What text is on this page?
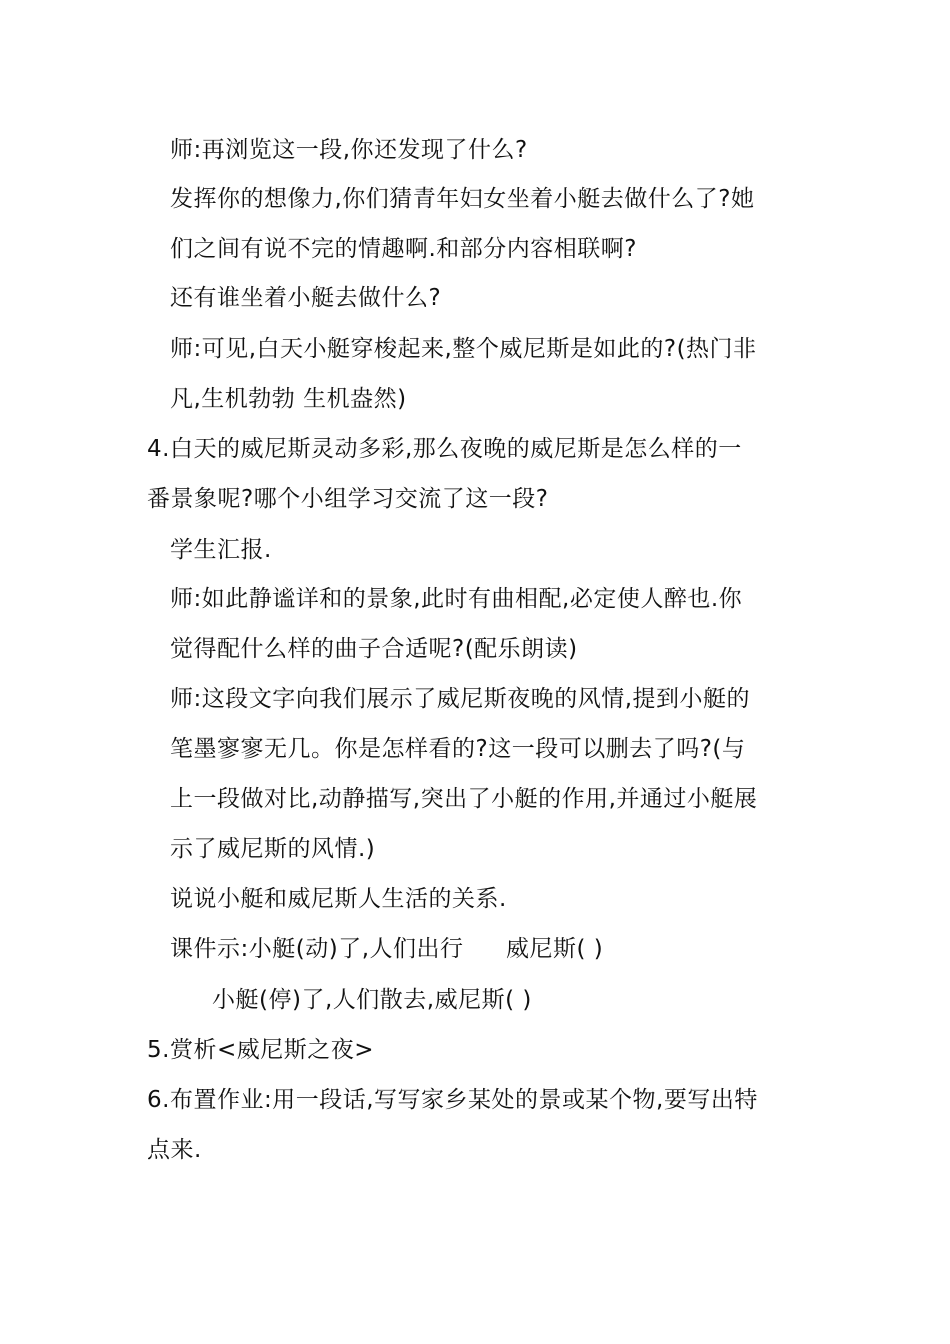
师:再浏览这一段,你还发现了什么?
发挥你的想像力,你们猜青年妇女坐着小艇去做什么了?她
们之间有说不完的情趣啊.和部分内容相联啊?
还有谁坐着小艇去做什么?
师:可见,白天小艇穿梭起来,整个威尼斯是如此的?(热门非
凡,生机勃勃 生机盎然)
4.白天的威尼斯灵动多彩,那么夜晚的威尼斯是怎么样的一
番景象呢?哪个小组学习交流了这一段?
学生汇报.
师:如此静谧详和的景象,此时有曲相配,必定使人醉也.你
觉得配什么样的曲子合适呢?(配乐朗读)
师:这段文字向我们展示了威尼斯夜晚的风情,提到小艇的
笔墨寥寥无几。你是怎样看的?这一段可以删去了吗?(与
上一段做对比,动静描写,突出了小艇的作用,并通过小艇展
示了威尼斯的风情.)
说说小艇和威尼斯人生活的关系.
课件示:小艇(动)了,人们出行 威尼斯( )
小艇(停)了,人们散去,威尼斯( )
5.赏析<威尼斯之夜>
6.布置作业:用一段话,写写家乡某处的景或某个物,要写出特
点来.
